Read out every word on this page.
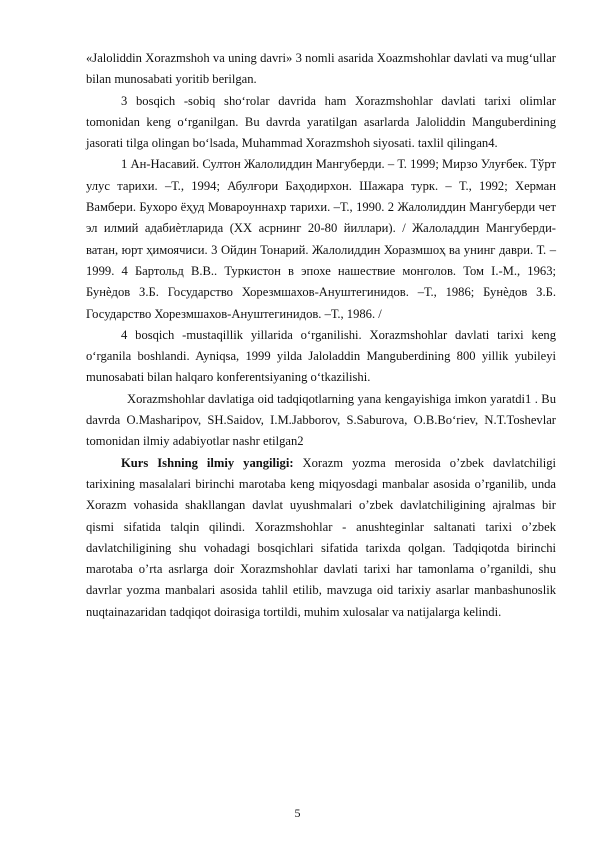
«Jaloliddin Xorazmshoh va uning davri» 3 nomli asarida Xoazmshohlar davlati va mug‘ullar bilan munosabati yoritib berilgan.

3 bosqich -sobiq sho‘rolar davrida ham Xorazmshohlar davlati tarixi olimlar tomonidan keng o‘rganilgan. Bu davrda yaratilgan asarlarda Jaloliddin Manguberdining jasorati tilga olingan bo‘lsada, Muhammad Xorazmshoh siyosati. taxlil qilingan4.

1 Ан-Насавий. Султон Жалолиддин Мангуберди. – Т. 1999; Мирзо Улуғбек. Тўрт улус тарихи. –Т., 1994; Абулғори Баҳодирхон. Шажара турк. – Т., 1992; Херман Вамбери. Бухоро ёҳуд Мовароуннахр тарихи. –Т., 1990. 2 Жалолиддин Мангуберди чет эл илмий адабиѐтларида (XX асрнинг 20-80 йиллари). / Жалоладдин Мангуберди-ватан, юрт ҳимоячиси. 3 Ойдин Тонарий. Жалолиддин Хоразмшоҳ ва унинг даври. Т. – 1999. 4 Бартольд В.В.. Туркистон в эпохе нашествие монголов. Том I.-М., 1963; Бунѐдов З.Б. Государство Хорезмшахов-Ануштегинидов. –Т., 1986; Бунѐдов З.Б. Государство Хорезмшахов-Ануштегинидов. –Т., 1986. /

4 bosqich -mustaqillik yillarida o‘rganilishi. Xorazmshohlar davlati tarixi keng o‘rganila boshlandi. Ayniqsa, 1999 yilda Jaloladdin Manguberdining 800 yillik yubileyi munosabati bilan halqaro konferentsiyaning o‘tkazilishi.

Xorazmshohlar davlatiga oid tadqiqotlarning yana kengayishiga imkon yaratdi1 . Bu davrda O.Masharipov, SH.Saidov, I.M.Jabborov, S.Saburova, O.B.Bo‘riev, N.T.Toshevlar tomonidan ilmiy adabiyotlar nashr etilgan2

Kurs Ishning ilmiy yangiligi: Xorazm yozma merosida o’zbek davlatchiligi tarixining masalalari birinchi marotaba keng miqyosdagi manbalar asosida o’rganilib, unda Xorazm vohasida shakllangan davlat uyushmalari o’zbek davlatchiligining ajralmas bir qismi sifatida talqin qilindi. Xorazmshohlar - anushteginlar saltanati tarixi o’zbek davlatchiligining shu vohadagi bosqichlari sifatida tarixda qolgan. Tadqiqotda birinchi marotaba o’rta asrlarga doir Xorazmshohlar davlati tarixi har tamonlama o’rganildi, shu davrlar yozma manbalari asosida tahlil etilib, mavzuga oid tarixiy asarlar manbashunoslik nuqtainazaridan tadqiqot doirasiga tortildi, muhim xulosalar va natijalarga kelindi.

5
